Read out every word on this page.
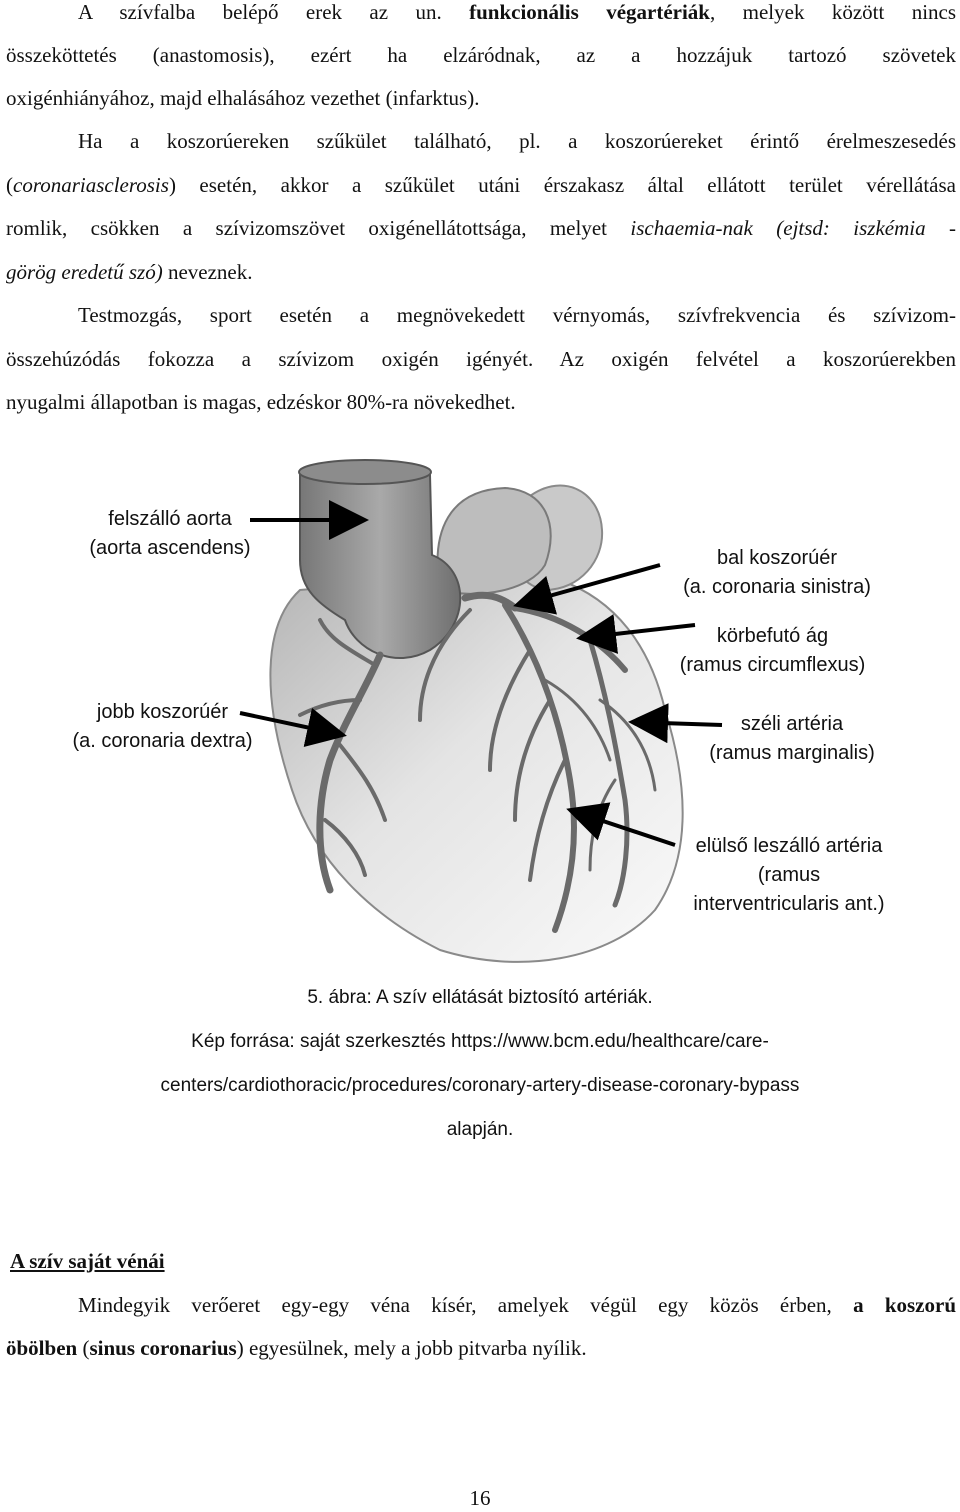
A szívfalba belépő erek az un. funkcionális végartériák, melyek között nincs
összeköttetés (anastomosis), ezért ha elzáródnak, az a hozzájuk tartozó szövetek
oxigénhiányához, majd elhalásához vezethet (infarktus).
Ha a koszorúereken szűkület található, pl. a koszorúereket érintő érelmeszesedés
(coronariasclerosis) esetén, akkor a szűkület utáni érszakasz által ellátott terület vérellátása
romlik, csökken a szívizomszövet oxigénellátottsága, melyet ischaemia-nak (ejtsd: iszkémia -
görög eredetű szó) neveznek.
Testmozgás, sport esetén a megnövekedett vérnyomás, szívfrekvencia és szívizom-
összehúzódás fokozza a szívizom oxigén igényét. Az oxigén felvétel a koszorúerekben
nyugalmi állapotban is magas, edzéskor 80%-ra növekedhet.
felszálló aorta
(aorta ascendens)	bal koszorúér
(a. coronaria sinistra)
körbefutó ág
(ramus circumflexus)
jobb koszorúér
(a. coronaria dextra)
széli artéria
(ramus marginalis)
elülső leszálló artéria
(ramus
interventricularis ant.)
5. ábra: A szív ellátását biztosító artériák.
Kép forrása: saját szerkesztés https://www.bcm.edu/healthcare/care-
centers/cardiothoracic/procedures/coronary-artery-disease-coronary-bypass
alapján.
A szív saját vénái
Mindegyik verőeret egy-egy véna kísér, amelyek végül egy közös érben, a koszorú
öbölben (sinus coronarius) egyesülnek, mely a jobb pitvarba nyílik.
16
